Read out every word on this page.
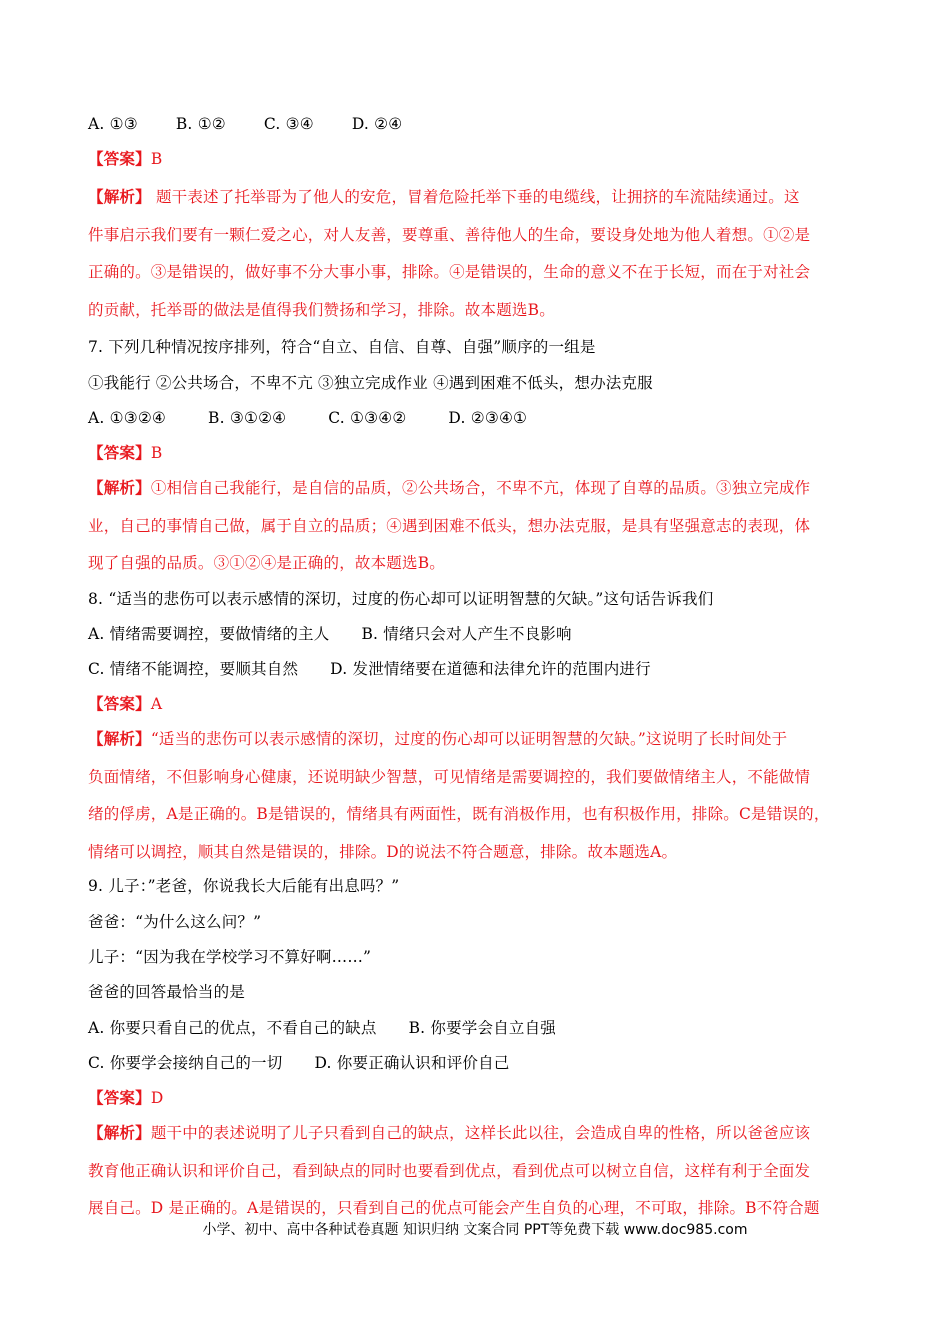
A. ①③ B. ①② C. ③④ D. ②④

【答案】B

【解析】 题干表述了托举哥为了他人的安危，冒着危险托举下垂的电缆线，让拥挤的车流陆续通过。这

件事启示我们要有一颗仁爱之心，对人友善，要尊重、善待他人的生命，要设身处地为他人着想。①②是

正确的。③是错误的，做好事不分大事小事，排除。④是错误的，生命的意义不在于长短，而在于对社会

的贡献，托举哥的做法是值得我们赞扬和学习，排除。故本题选B。

7. 下列几种情况按序排列，符合“自立、自信、自尊、自强”顺序的一组是

①我能行 ②公共场合，不卑不亢 ③独立完成作业 ④遇到困难不低头，想办法克服

A. ①③②④	B. ③①②④	C. ①③④②	D. ②③④①

【答案】B

【解析】①相信自己我能行，是自信的品质，②公共场合，不卑不亢，体现了自尊的品质。③独立完成作

业，自己的事情自己做，属于自立的品质；④遇到困难不低头，想办法克服，是具有坚强意志的表现，体

现了自强的品质。③①②④是正确的，故本题选B。

8. “适当的悲伤可以表示感情的深切，过度的伤心却可以证明智慧的欠缺。”这句话告诉我们

A. 情绪需要调控，要做情绪的主人 B. 情绪只会对人产生不良影响

C. 情绪不能调控，要顺其自然 D. 发泄情绪要在道德和法律允许的范围内进行

【答案】A

【解析】“适当的悲伤可以表示感情的深切，过度的伤心却可以证明智慧的欠缺。”这说明了长时间处于

负面情绪，不但影响身心健康，还说明缺少智慧，可见情绪是需要调控的，我们要做情绪主人，不能做情

绪的俘虏，A是正确的。B是错误的，情绪具有两面性，既有消极作用，也有积极作用，排除。C是错误的，

情绪可以调控，顺其自然是错误的，排除。D的说法不符合题意，排除。故本题选A。

9. 儿子：”老爸，你说我长大后能有出息吗？”

爸爸：“为什么这么问？”

儿子：“因为我在学校学习不算好啊……”

爸爸的回答最恰当的是

A. 你要只看自己的优点，不看自己的缺点 B. 你要学会自立自强

C. 你要学会接纳自己的一切 D. 你要正确认识和评价自己

【答案】D

【解析】题干中的表述说明了儿子只看到自己的缺点，这样长此以往，会造成自卑的性格，所以爸爸应该

教育他正确认识和评价自己，看到缺点的同时也要看到优点，看到优点可以树立自信，这样有利于全面发

展自己。D 是正确的。A是错误的，只看到自己的优点可能会产生自负的心理，不可取，排除。B不符合题

小学、初中、高中各种试卷真题 知识归纳 文案合同 PPT等免费下载 www.doc985.com
